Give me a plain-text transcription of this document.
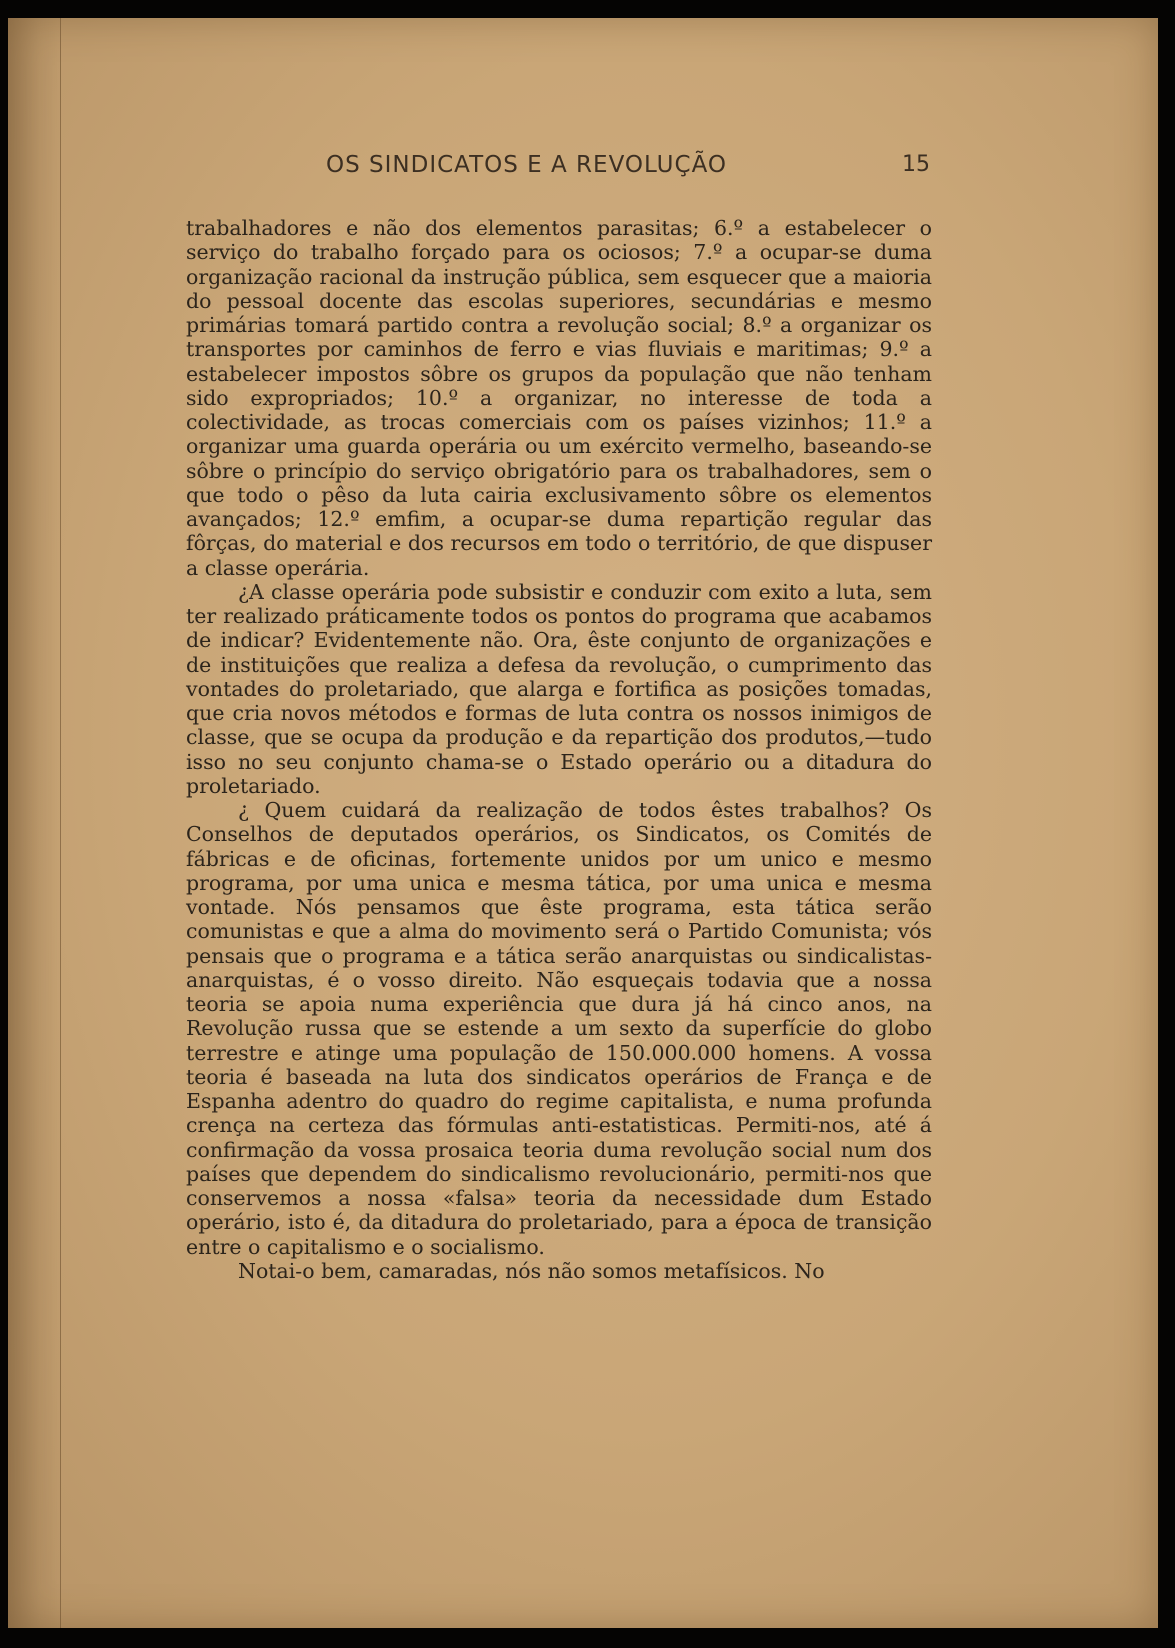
OS SINDICATOS E A REVOLUÇÃO	15

trabalhadores e não dos elementos parasitas; 6.º a estabelecer o serviço do trabalho forçado para os ociosos; 7.º a ocupar-se duma organização racional da instrução pública, sem esquecer que a maioria do pessoal docente das escolas superiores, secundárias e mesmo primárias tomará partido contra a revolução social; 8.º a organizar os transportes por caminhos de ferro e vias fluviais e maritimas; 9.º a estabelecer impostos sôbre os grupos da população que não tenham sido expropriados; 10.º a organizar, no interesse de toda a colectividade, as trocas comerciais com os países vizinhos; 11.º a organizar uma guarda operária ou um exército vermelho, baseando-se sôbre o princípio do serviço obrigatório para os trabalhadores, sem o que todo o pêso da luta cairia exclusivamento sôbre os elementos avançados; 12.º emfim, a ocupar-se duma repartição regular das fôrças, do material e dos recursos em todo o território, de que dispuser a classe operária.

¿A classe operária pode subsistir e conduzir com exito a luta, sem ter realizado práticamente todos os pontos do programa que acabamos de indicar? Evidentemente não. Ora, êste conjunto de organizações e de instituições que realiza a defesa da revolução, o cumprimento das vontades do proletariado, que alarga e fortifica as posições tomadas, que cria novos métodos e formas de luta contra os nossos inimigos de classe, que se ocupa da produção e da repartição dos produtos,—tudo isso no seu conjunto chama-se o Estado operário ou a ditadura do proletariado.

¿ Quem cuidará da realização de todos êstes trabalhos? Os Conselhos de deputados operários, os Sindicatos, os Comités de fábricas e de oficinas, fortemente unidos por um unico e mesmo programa, por uma unica e mesma tática, por uma unica e mesma vontade. Nós pensamos que êste programa, esta tática serão comunistas e que a alma do movimento será o Partido Comunista; vós pensais que o programa e a tática serão anarquistas ou sindicalistas-anarquistas, é o vosso direito. Não esqueçais todavia que a nossa teoria se apoia numa experiência que dura já há cinco anos, na Revolução russa que se estende a um sexto da superfície do globo terrestre e atinge uma população de 150.000.000 homens. A vossa teoria é baseada na luta dos sindicatos operários de França e de Espanha adentro do quadro do regime capitalista, e numa profunda crença na certeza das fórmulas anti-estatisticas. Permiti-nos, até á confirmação da vossa prosaica teoria duma revolução social num dos países que dependem do sindicalismo revolucionário, permiti-nos que conservemos a nossa «falsa» teoria da necessidade dum Estado operário, isto é, da ditadura do proletariado, para a época de transição entre o capitalismo e o socialismo.

Notai-o bem, camaradas, nós não somos metafísicos. No
